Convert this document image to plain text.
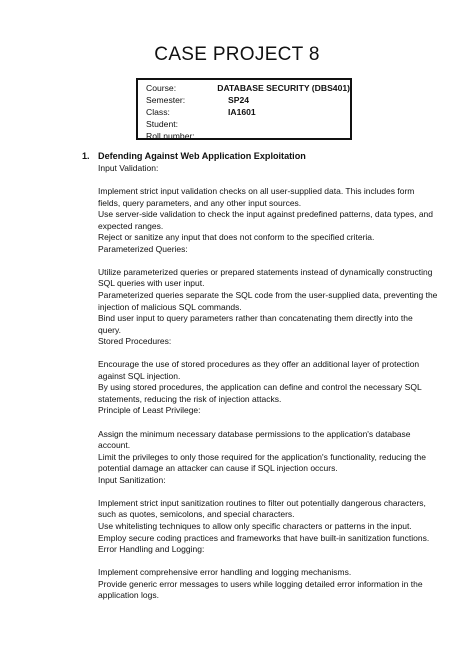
CASE PROJECT 8
Course:	DATABASE SECURITY (DBS401)
Semester:	SP24
Class:	IA1601
Student:
Roll number:
1. Defending Against Web Application Exploitation

Input Validation:

Implement strict input validation checks on all user-supplied data. This includes form fields, query parameters, and any other input sources.

Use server-side validation to check the input against predefined patterns, data types, and expected ranges.

Reject or sanitize any input that does not conform to the specified criteria.

Parameterized Queries:

Utilize parameterized queries or prepared statements instead of dynamically constructing SQL queries with user input.

Parameterized queries separate the SQL code from the user-supplied data, preventing the injection of malicious SQL commands.

Bind user input to query parameters rather than concatenating them directly into the query.

Stored Procedures:

Encourage the use of stored procedures as they offer an additional layer of protection against SQL injection.

By using stored procedures, the application can define and control the necessary SQL statements, reducing the risk of injection attacks.

Principle of Least Privilege:

Assign the minimum necessary database permissions to the application's database account.

Limit the privileges to only those required for the application's functionality, reducing the potential damage an attacker can cause if SQL injection occurs.

Input Sanitization:

Implement strict input sanitization routines to filter out potentially dangerous characters, such as quotes, semicolons, and special characters.

Use whitelisting techniques to allow only specific characters or patterns in the input.

Employ secure coding practices and frameworks that have built-in sanitization functions.

Error Handling and Logging:

Implement comprehensive error handling and logging mechanisms.

Provide generic error messages to users while logging detailed error information in the application logs.
